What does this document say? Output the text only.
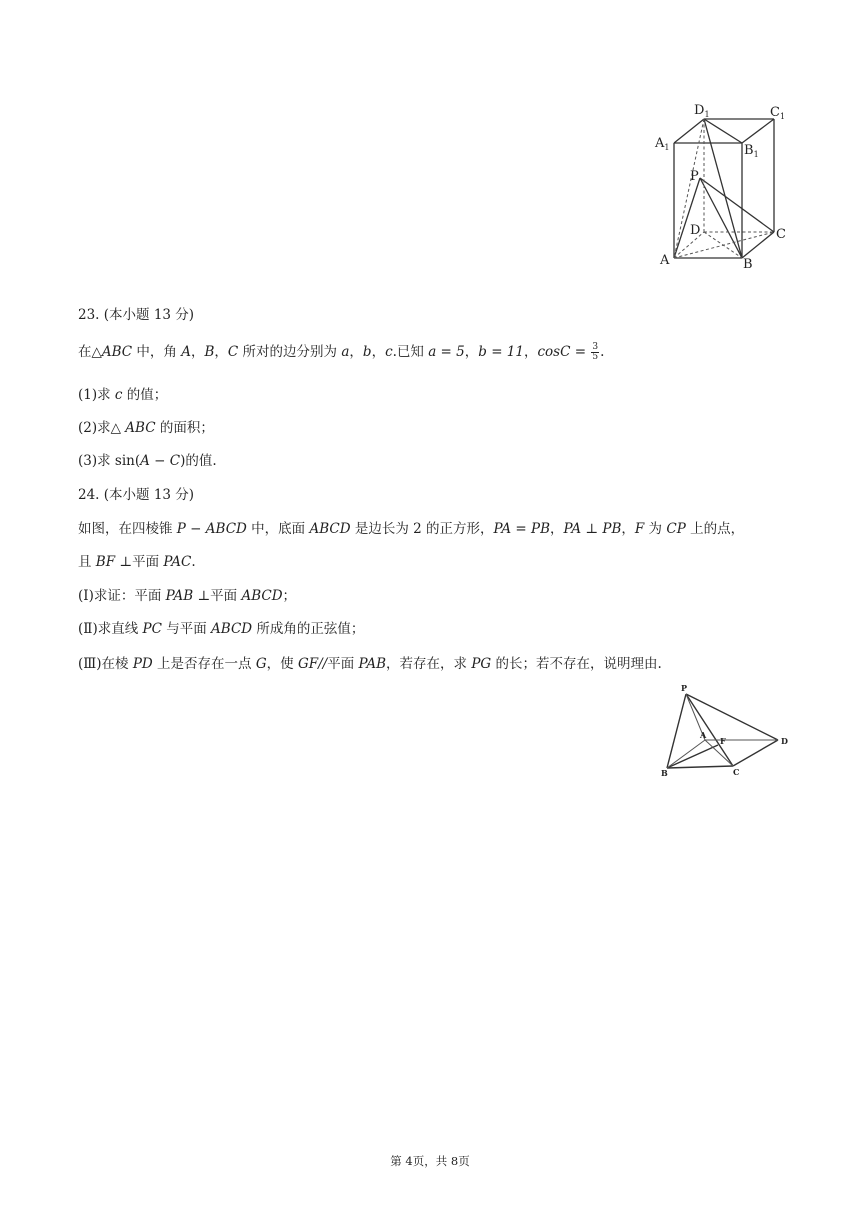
$D_1$	$C_1$
$A_1$	$B_1$
P
D	C
A	B
23. (本小题 13 分)
在△ABC 中，角 A，B，C 所对的边分别为 a，b，c.已知 a = 5，b = 11，$\cos C = \frac{3}{5}$ .
(1)求 c 的值；
(2)求△ ABC 的面积；
(3)求 sin(A − C)的值.
24. (本小题 13 分)
如图，在四棱锥 P − ABCD 中，底面 ABCD 是边长为 2 的正方形，PA = PB，PA ⊥ PB，F 为 CP 上的点，
且 BF ⊥平面 PAC.
(Ⅰ)求证：平面 PAB ⊥平面 ABCD；
(Ⅱ)求直线 PC 与平面 ABCD 所成角的正弦值；
(Ⅲ)在棱 PD 上是否存在一点 G，使 GF//平面 PAB，若存在，求 PG 的长；若不存在，说明理由.
P
A
F	D
B	C
第 4页，共 8页
